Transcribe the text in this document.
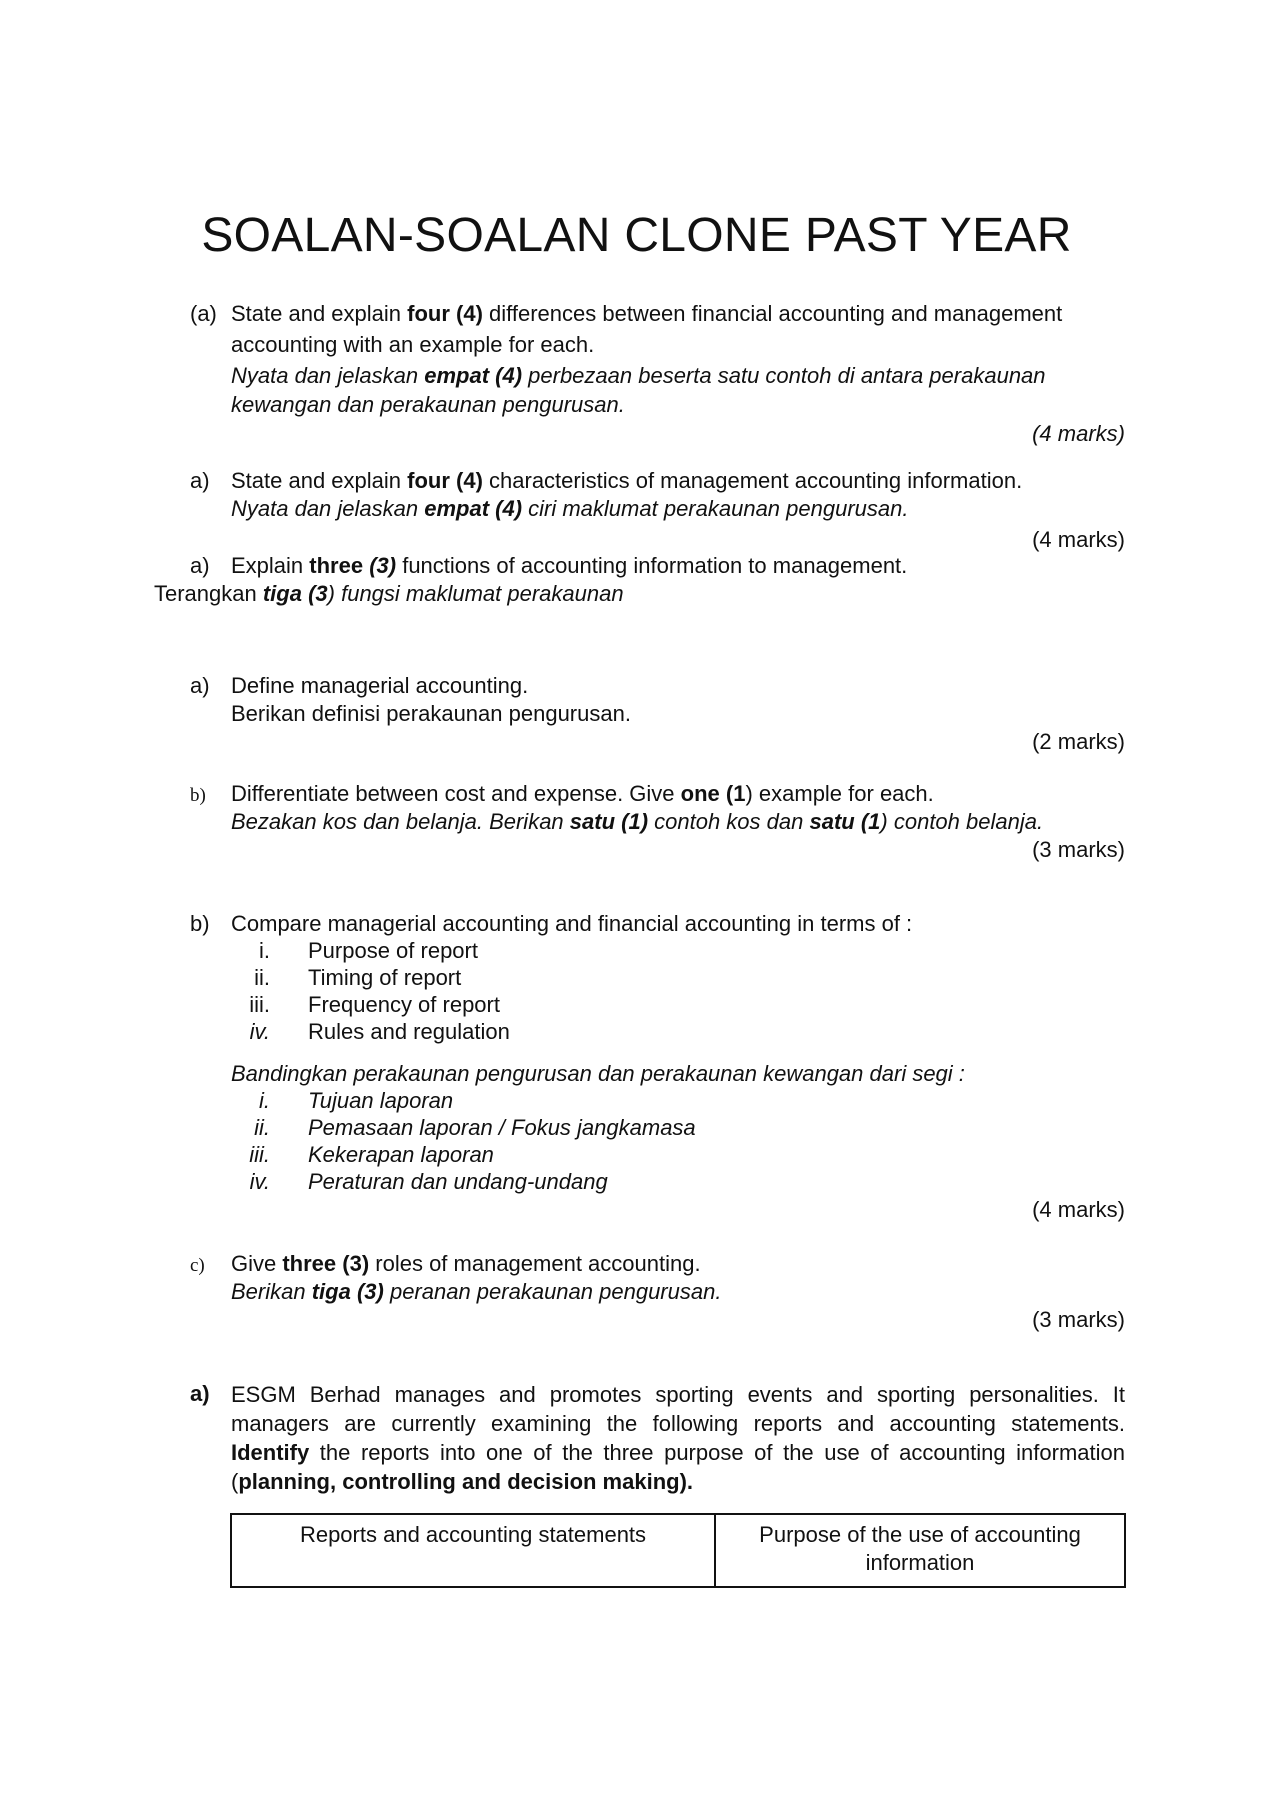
SOALAN-SOALAN CLONE PAST YEAR
(a) State and explain four (4) differences between financial accounting and management
accounting with an example for each.
Nyata dan jelaskan empat (4) perbezaan beserta satu contoh di antara perakaunan
kewangan dan perakaunan pengurusan.
(4 marks)
a) State and explain four (4) characteristics of management accounting information.
Nyata dan jelaskan empat (4) ciri maklumat perakaunan pengurusan.
(4 marks)
a) Explain three (3) functions of accounting information to management.
Terangkan tiga (3) fungsi maklumat perakaunan
a) Define managerial accounting.
Berikan definisi perakaunan pengurusan.
(2 marks)
b) Differentiate between cost and expense. Give one (1) example for each.
Bezakan kos dan belanja. Berikan satu (1) contoh kos dan satu (1) contoh belanja.
(3 marks)
b) Compare managerial accounting and financial accounting in terms of :
i. Purpose of report
ii. Timing of report
iii. Frequency of report
iv. Rules and regulation
Bandingkan perakaunan pengurusan dan perakaunan kewangan dari segi :
i. Tujuan laporan
ii. Pemasaan laporan / Fokus jangkamasa
iii. Kekerapan laporan
iv. Peraturan dan undang-undang
(4 marks)
c) Give three (3) roles of management accounting.
Berikan tiga (3) peranan perakaunan pengurusan.
(3 marks)
a) ESGM Berhad manages and promotes sporting events and sporting personalities. It managers are currently examining the following reports and accounting statements. Identify the reports into one of the three purpose of the use of accounting information (planning, controlling and decision making).
Reports and accounting statements	Purpose of the use of accounting information
